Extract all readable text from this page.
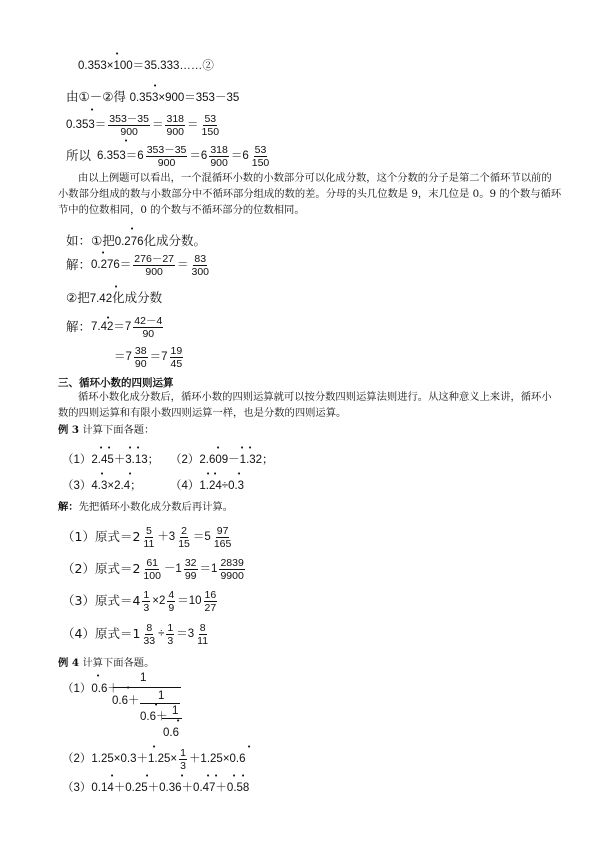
0.353×100＝35.333……②
•
由①－②得 0.353×900＝353－35
•
0.353＝
353－35
900
＝
318
900
＝
53
150
•
所以 6.353＝6
353－35
900
＝ 6
318
900
＝ 6
53
150
•
由以上例题可以看出，一个混循环小数的小数部分可以化成分数，这个分数的分子是第二个循环节以前的
小数部分组成的数与小数部分中不循环部分组成的数的差。分母的头几位数是 9，末几位是 0。9 的个数与循环
节中的位数相同，0 的个数与不循环部分的位数相同。
如：①把0.276化成分数。
•
解： 0.276＝
276－27
900
＝
83
300
•
②把7.42化成分数
•
解： 7.42＝7
42－4
90
•
＝7
38
90
＝7
19
45
三、循环小数的四则运算
循环小数化成分数后，循环小数的四则运算就可以按分数四则运算法则进行。从这种意义上来讲，循环小
数的四则运算和有限小数四则运算一样，也是分数的四则运算。
例 3 计算下面各题：
（1）2.45＋3.13； （2）2.609－1.32；
（3）4.3×2.4； （4）1.24÷0.3
• • • •	•	• •
•	•	• •	•
解：先把循环小数化成分数后再计算。
（1）原式＝2 5
11
＋3
2
15
＝5
97
165
（2）原式＝2 61
100
－1
32
99
＝1
2839
9900
（3）原式$=4 \frac{1}{3} \times 2$
4
9
＝10
16
27
（4）原式$=1 \frac{8}{33} \div \frac{1}{3} =3$
8
11
例 4 计算下面各题。
（1）0.6＋
1
0.6＋ 1
0.6＋ 1
0.6
•
•
•
•
$(2)1.25\times 0.3+1.25\times \frac{1}{3} +1.25\times 0.6$
•	•
（3）0.14＋0.25＋0.36＋0.47＋0.58
•	•	•	• • • •
